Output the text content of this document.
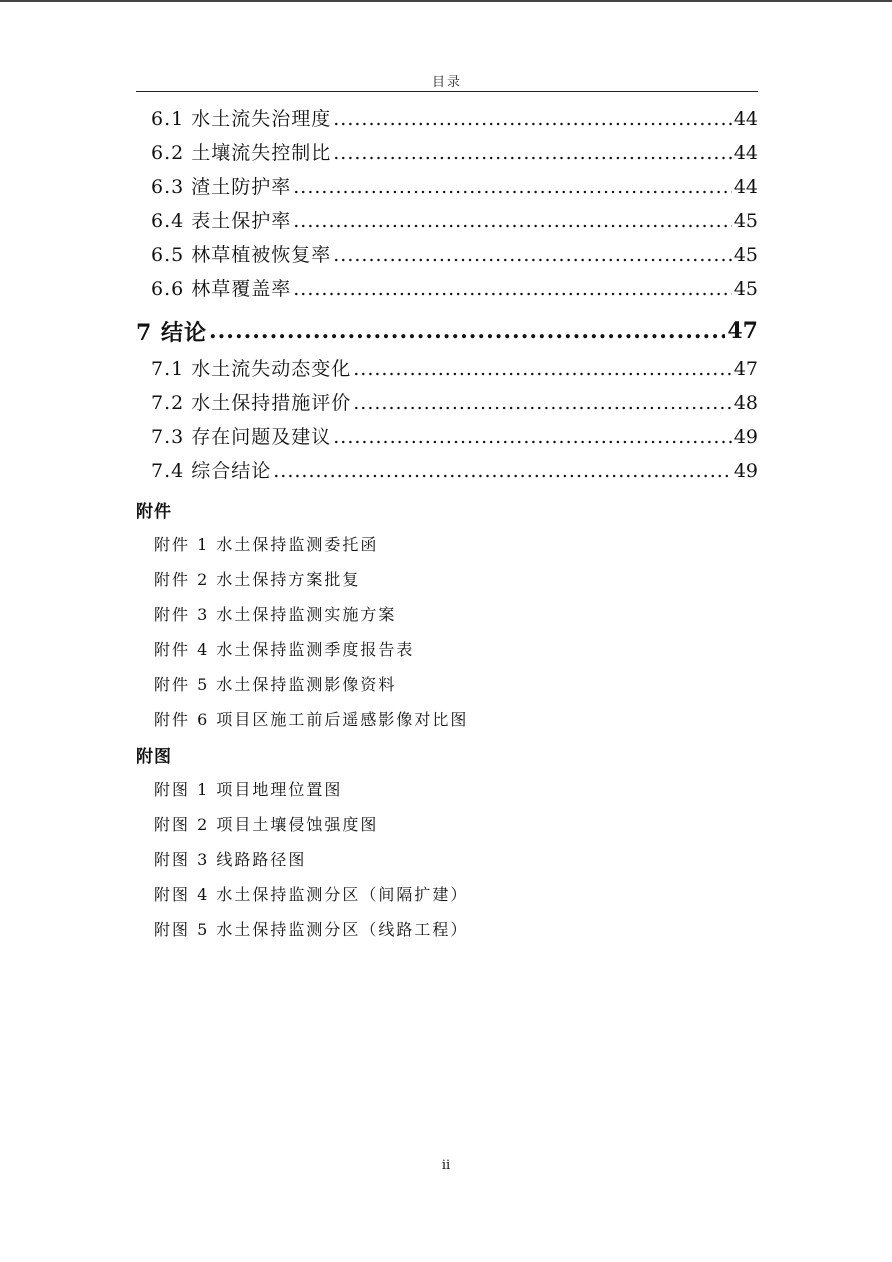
目录
6.1 水土流失治理度 .....	44
6.2 土壤流失控制比 .....	44
6.3 渣土防护率 .....	44
6.4 表土保护率 .....	45
6.5 林草植被恢复率 .....	45
6.6 林草覆盖率 .....	45
7 结论 .....	47
7.1 水土流失动态变化 .....	47
7.2 水土保持措施评价 .....	48
7.3 存在问题及建议 .....	49
7.4 综合结论 .....	49
附件
附件 1 水土保持监测委托函
附件 2 水土保持方案批复
附件 3 水土保持监测实施方案
附件 4 水土保持监测季度报告表
附件 5 水土保持监测影像资料
附件 6 项目区施工前后遥感影像对比图
附图
附图 1 项目地理位置图
附图 2 项目土壤侵蚀强度图
附图 3 线路路径图
附图 4 水土保持监测分区（间隔扩建）
附图 5 水土保持监测分区（线路工程）
ii
